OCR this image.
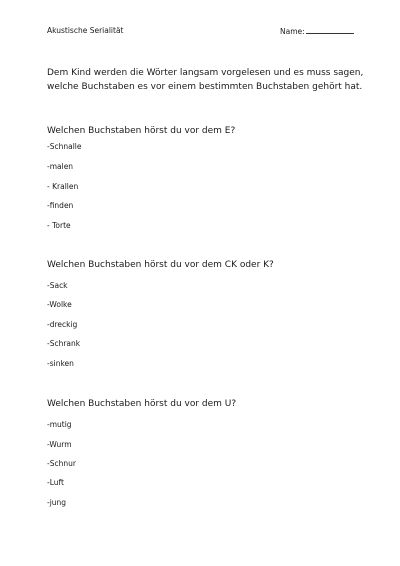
Akustische Serialität	Name:
Dem Kind werden die Wörter langsam vorgelesen und es muss sagen,
welche Buchstaben es vor einem bestimmten Buchstaben gehört hat.
Welchen Buchstaben hörst du vor dem E?
-Schnalle
-malen
- Krallen
-finden
- Torte
Welchen Buchstaben hörst du vor dem CK oder K?
-Sack
-Wolke
-dreckig
-Schrank
-sinken
Welchen Buchstaben hörst du vor dem U?
-mutig
-Wurm
-Schnur
-Luft
-jung
